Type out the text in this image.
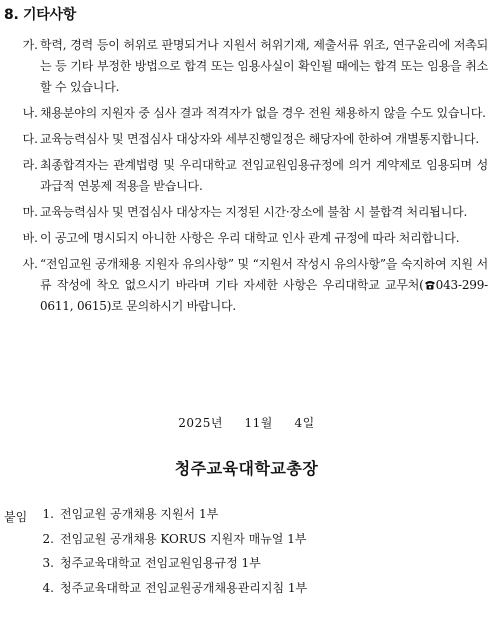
8. 기타사항
가. 학력, 경력 등이 허위로 판명되거나 지원서 허위기재, 제출서류 위조, 연구윤리에 저촉되는 등 기타 부정한 방법으로 합격 또는 임용사실이 확인될 때에는 합격 또는 임용을 취소할 수 있습니다.
나. 채용분야의 지원자 중 심사 결과 적격자가 없을 경우 전원 채용하지 않을 수도 있습니다.
다. 교육능력심사 및 면접심사 대상자와 세부진행일정은 해당자에 한하여 개별통지합니다.
라. 최종합격자는 관계법령 및 우리대학교 전임교원임용규정에 의거 계약제로 임용되며 성과급적 연봉제 적용을 받습니다.
마. 교육능력심사 및 면접심사 대상자는 지정된 시간·장소에 불참 시 불합격 처리됩니다.
바. 이 공고에 명시되지 아니한 사항은 우리 대학교 인사 관계 규정에 따라 처리합니다.
사. “전임교원 공개채용 지원자 유의사항” 및 “지원서 작성시 유의사항”을 숙지하여 지원 서류 작성에 착오 없으시기 바라며 기타 자세한 사항은 우리대학교 교무처( 043-299-0611, 0615)로 문의하시기 바랍니다.
2025년 11월 4일
청주교육대학교총장
붙임 1. 전임교원 공개채용 지원서 1부
2. 전임교원 공개채용 KORUS 지원자 매뉴얼 1부
3. 청주교육대학교 전임교원임용규정 1부
4. 청주교육대학교 전임교원공개채용관리지침 1부
